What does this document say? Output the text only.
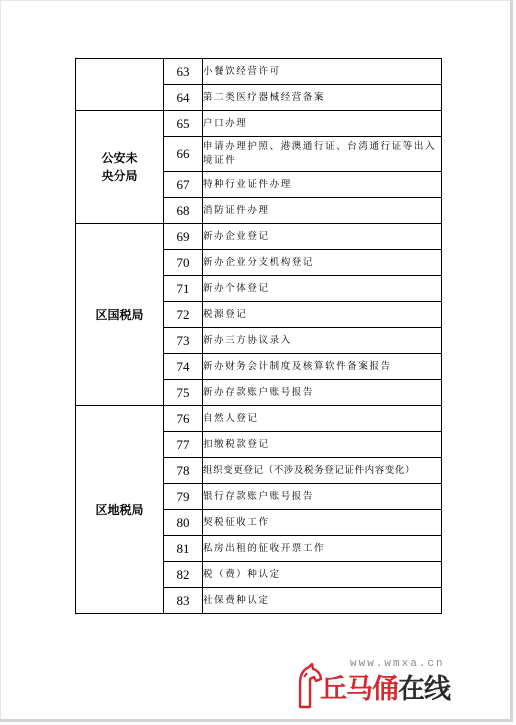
	63	小餐饮经营许可
	64	第二类医疗器械经营备案
公安未央分局	65	户口办理
	66	申请办理护照、港澳通行证、台湾通行证等出入境证件
	67	特种行业证件办理
	68	消防证件办理
区国税局	69	新办企业登记
	70	新办企业分支机构登记
	71	新办个体登记
	72	税源登记
	73	新办三方协议录入
	74	新办财务会计制度及核算软件备案报告
	75	新办存款账户账号报告
区地税局	76	自然人登记
	77	扣缴税款登记
	78	组织变更登记（不涉及税务登记证件内容变化）
	79	银行存款账户账号报告
	80	契税征收工作
	81	私房出租的征收开票工作
	82	税（费）种认定
	83	社保费种认定
www.wmxa.cn
丘马俑在线
